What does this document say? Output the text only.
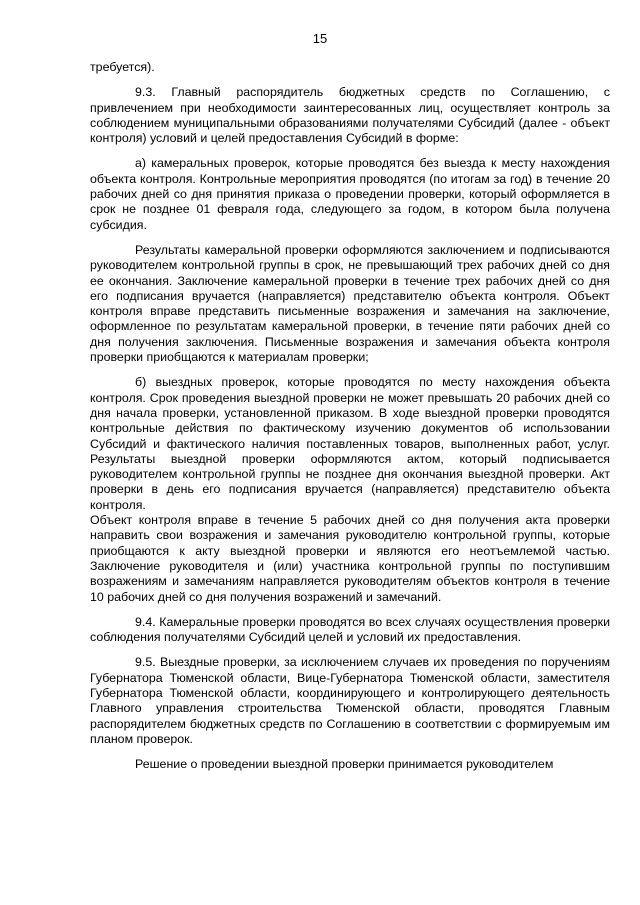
15

требуется).

9.3. Главный распорядитель бюджетных средств по Соглашению, с привлечением при необходимости заинтересованных лиц, осуществляет контроль за соблюдением муниципальными образованиями получателями Субсидий (далее - объект контроля) условий и целей предоставления Субсидий в форме:

а) камеральных проверок, которые проводятся без выезда к месту нахождения объекта контроля. Контрольные мероприятия проводятся (по итогам за год) в течение 20 рабочих дней со дня принятия приказа о проведении проверки, который оформляется в срок не позднее 01 февраля года, следующего за годом, в котором была получена субсидия.

Результаты камеральной проверки оформляются заключением и подписываются руководителем контрольной группы в срок, не превышающий трех рабочих дней со дня ее окончания. Заключение камеральной проверки в течение трех рабочих дней со дня его подписания вручается (направляется) представителю объекта контроля. Объект контроля вправе представить письменные возражения и замечания на заключение, оформленное по результатам камеральной проверки, в течение пяти рабочих дней со дня получения заключения. Письменные возражения и замечания объекта контроля проверки приобщаются к материалам проверки;

б) выездных проверок, которые проводятся по месту нахождения объекта контроля. Срок проведения выездной проверки не может превышать 20 рабочих дней со дня начала проверки, установленной приказом. В ходе выездной проверки проводятся контрольные действия по фактическому изучению документов об использовании Субсидий и фактического наличия поставленных товаров, выполненных работ, услуг. Результаты выездной проверки оформляются актом, который подписывается руководителем контрольной группы не позднее дня окончания выездной проверки. Акт проверки в день его подписания вручается (направляется) представителю объекта контроля.

Объект контроля вправе в течение 5 рабочих дней со дня получения акта проверки направить свои возражения и замечания руководителю контрольной группы, которые приобщаются к акту выездной проверки и являются его неотъемлемой частью. Заключение руководителя и (или) участника контрольной группы по поступившим возражениям и замечаниям направляется руководителям объектов контроля в течение 10 рабочих дней со дня получения возражений и замечаний.

9.4. Камеральные проверки проводятся во всех случаях осуществления проверки соблюдения получателями Субсидий целей и условий их предоставления.

9.5. Выездные проверки, за исключением случаев их проведения по поручениям Губернатора Тюменской области, Вице-Губернатора Тюменской области, заместителя Губернатора Тюменской области, координирующего и контролирующего деятельность Главного управления строительства Тюменской области, проводятся Главным распорядителем бюджетных средств по Соглашению в соответствии с формируемым им планом проверок.

Решение о проведении выездной проверки принимается руководителем
